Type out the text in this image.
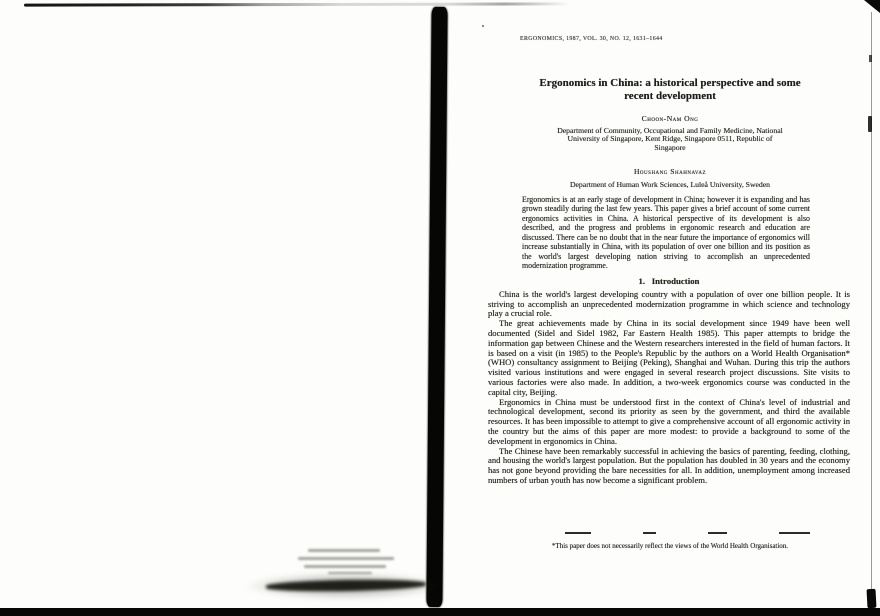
ERGONOMICS, 1987, VOL. 30, NO. 12, 1631–1644
Ergonomics in China: a historical perspective and some recent development
Choon-Nam Ong
Department of Community, Occupational and Family Medicine, National University of Singapore, Kent Ridge, Singapore 0511, Republic of Singapore
Houshang Shahnavaz
Department of Human Work Sciences, Luleå University, Sweden
Ergonomics is at an early stage of development in China; however it is expanding and has grown steadily during the last few years. This paper gives a brief account of some current ergonomics activities in China. A historical perspective of its development is also described, and the progress and problems in ergonomic research and education are discussed. There can be no doubt that in the near future the importance of ergonomics will increase substantially in China, with its population of over one billion and its position as the world's largest developing nation striving to accomplish an unprecedented modernization programme.
1.   Introduction

China is the world's largest developing country with a population of over one billion people. It is striving to accomplish an unprecedented modernization programme in which science and technology play a crucial role.

The great achievements made by China in its social development since 1949 have been well documented (Sidel and Sidel 1982, Far Eastern Health 1985). This paper attempts to bridge the information gap between Chinese and the Western researchers interested in the field of human factors. It is based on a visit (in 1985) to the People's Republic by the authors on a World Health Organisation* (WHO) consultancy assignment to Beijing (Peking), Shanghai and Wuhan. During this trip the authors visited various institutions and were engaged in several research project discussions. Site visits to various factories were also made. In addition, a two-week ergonomics course was conducted in the capital city, Beijing.

Ergonomics in China must be understood first in the context of China's level of industrial and technological development, second its priority as seen by the government, and third the available resources. It has been impossible to attempt to give a comprehensive account of all ergonomic activity in the country but the aims of this paper are more modest: to provide a background to some of the development in ergonomics in China.

The Chinese have been remarkably successful in achieving the basics of parenting, feeding, clothing, and housing the world's largest population. But the population has doubled in 30 years and the economy has not gone beyond providing the bare necessities for all. In addition, unemployment among increased numbers of urban youth has now become a significant problem.

*This paper does not necessarily reflect the views of the World Health Organisation.
